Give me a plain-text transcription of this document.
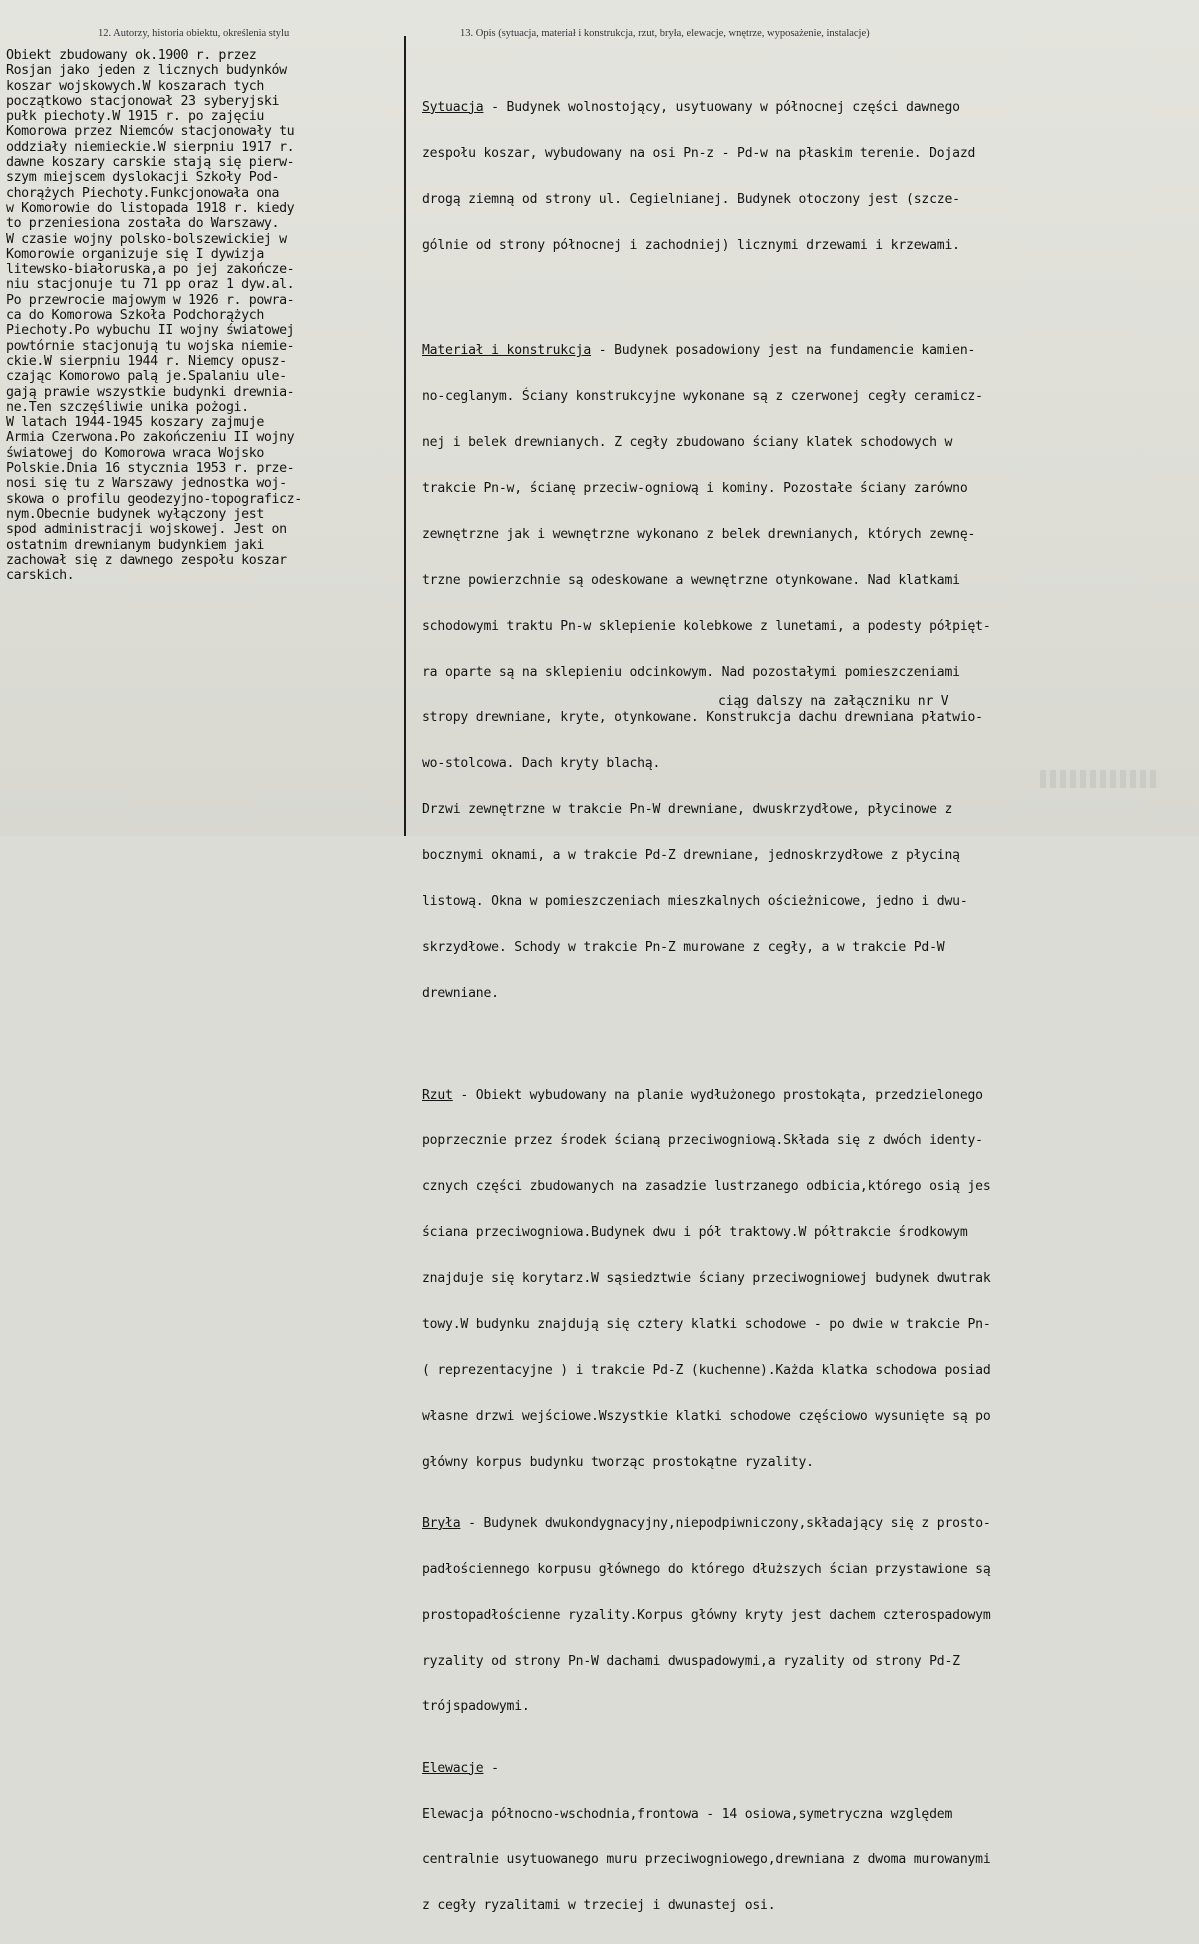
12. Autorzy, historia obiektu, określenia stylu	13. Opis (sytuacja, materiał i konstrukcja, rzut, bryła, elewacje, wnętrze, wyposażenie, instalacje)
Obiekt zbudowany ok.1900 r. przez
Rosjan jako jeden z licznych budynków
koszar wojskowych.W koszarach tych
początkowo stacjonował 23 syberyjski
pułk piechoty.W 1915 r. po zajęciu
Komorowa przez Niemców stacjonowały tu
oddziały niemieckie.W sierpniu 1917 r.
dawne koszary carskie stają się pierw-
szym miejscem dyslokacji Szkoły Pod-
chorążych Piechoty.Funkcjonowała ona
w Komorowie do listopada 1918 r. kiedy
to przeniesiona została do Warszawy.
W czasie wojny polsko-bolszewickiej w
Komorowie organizuje się I dywizja
litewsko-białoruska,a po jej zakończe-
niu stacjonuje tu 71 pp oraz 1 dyw.al.
Po przewrocie majowym w 1926 r. powra-
ca do Komorowa Szkoła Podchorążych
Piechoty.Po wybuchu II wojny światowej
powtórnie stacjonują tu wojska niemie-
ckie.W sierpniu 1944 r. Niemcy opusz-
czając Komorowo palą je.Spalaniu ule-
gają prawie wszystkie budynki drewnia-
ne.Ten szczęśliwie unika pożogi.
W latach 1944-1945 koszary zajmuje
Armia Czerwona.Po zakończeniu II wojny
światowej do Komorowa wraca Wojsko
Polskie.Dnia 16 stycznia 1953 r. prze-
nosi się tu z Warszawy jednostka woj-
skowa o profilu geodezyjno-topograficz-
nym.Obecnie budynek wyłączony jest
spod administracji wojskowej. Jest on
ostatnim drewnianym budynkiem jaki
zachował się z dawnego zespołu koszar
carskich.

Sytuacja - Budynek wolnostojący, usytuowany w północnej części dawnego

zespołu koszar, wybudowany na osi Pn-z - Pd-w na płaskim terenie. Dojazd

drogą ziemną od strony ul. Cegielnianej. Budynek otoczony jest (szcze-

gólnie od strony północnej i zachodniej) licznymi drzewami i krzewami.

Materiał i konstrukcja - Budynek posadowiony jest na fundamencie kamien-

no-ceglanym. Ściany konstrukcyjne wykonane są z czerwonej cegły ceramicz-

nej i belek drewnianych. Z cegły zbudowano ściany klatek schodowych w

trakcie Pn-w, ścianę przeciw-ogniową i kominy. Pozostałe ściany zarówno

zewnętrzne jak i wewnętrzne wykonano z belek drewnianych, których zewnę-

trzne powierzchnie są odeskowane a wewnętrzne otynkowane. Nad klatkami

schodowymi traktu Pn-w sklepienie kolebkowe z lunetami, a podesty półpięt-

ra oparte są na sklepieniu odcinkowym. Nad pozostałymi pomieszczeniami

stropy drewniane, kryte, otynkowane. Konstrukcja dachu drewniana płatwio-

wo-stolcowa. Dach kryty blachą.

Drzwi zewnętrzne w trakcie Pn-W drewniane, dwuskrzydłowe, płycinowe z

bocznymi oknami, a w trakcie Pd-Z drewniane, jednoskrzydłowe z płyciną

listową. Okna w pomieszczeniach mieszkalnych ościeżnicowe, jedno i dwu-

skrzydłowe. Schody w trakcie Pn-Z murowane z cegły, a w trakcie Pd-W

drewniane.

Rzut - Obiekt wybudowany na planie wydłużonego prostokąta, przedzielonego

poprzecznie przez środek ścianą przeciwogniową.Składa się z dwóch identy-

cznych części zbudowanych na zasadzie lustrzanego odbicia,którego osią jes

ściana przeciwogniowa.Budynek dwu i pół traktowy.W półtrakcie środkowym

znajduje się korytarz.W sąsiedztwie ściany przeciwogniowej budynek dwutrak

towy.W budynku znajdują się cztery klatki schodowe - po dwie w trakcie Pn-

( reprezentacyjne ) i trakcie Pd-Z (kuchenne).Każda klatka schodowa posiad

własne drzwi wejściowe.Wszystkie klatki schodowe częściowo wysunięte są po

główny korpus budynku tworząc prostokątne ryzality.

Bryła - Budynek dwukondygnacyjny,niepodpiwniczony,składający się z prosto-

padłościennego korpusu głównego do którego dłuższych ścian przystawione są

prostopadłościenne ryzality.Korpus główny kryty jest dachem czterospadowym

ryzality od strony Pn-W dachami dwuspadowymi,a ryzality od strony Pd-Z

trójspadowymi.

Elewacje -

Elewacja północno-wschodnia,frontowa - 14 osiowa,symetryczna względem

centralnie usytuowanego muru przeciwogniowego,drewniana z dwoma murowanymi

z cegły ryzalitami w trzeciej i dwunastej osi.

ciąg dalszy na załączniku nr V
